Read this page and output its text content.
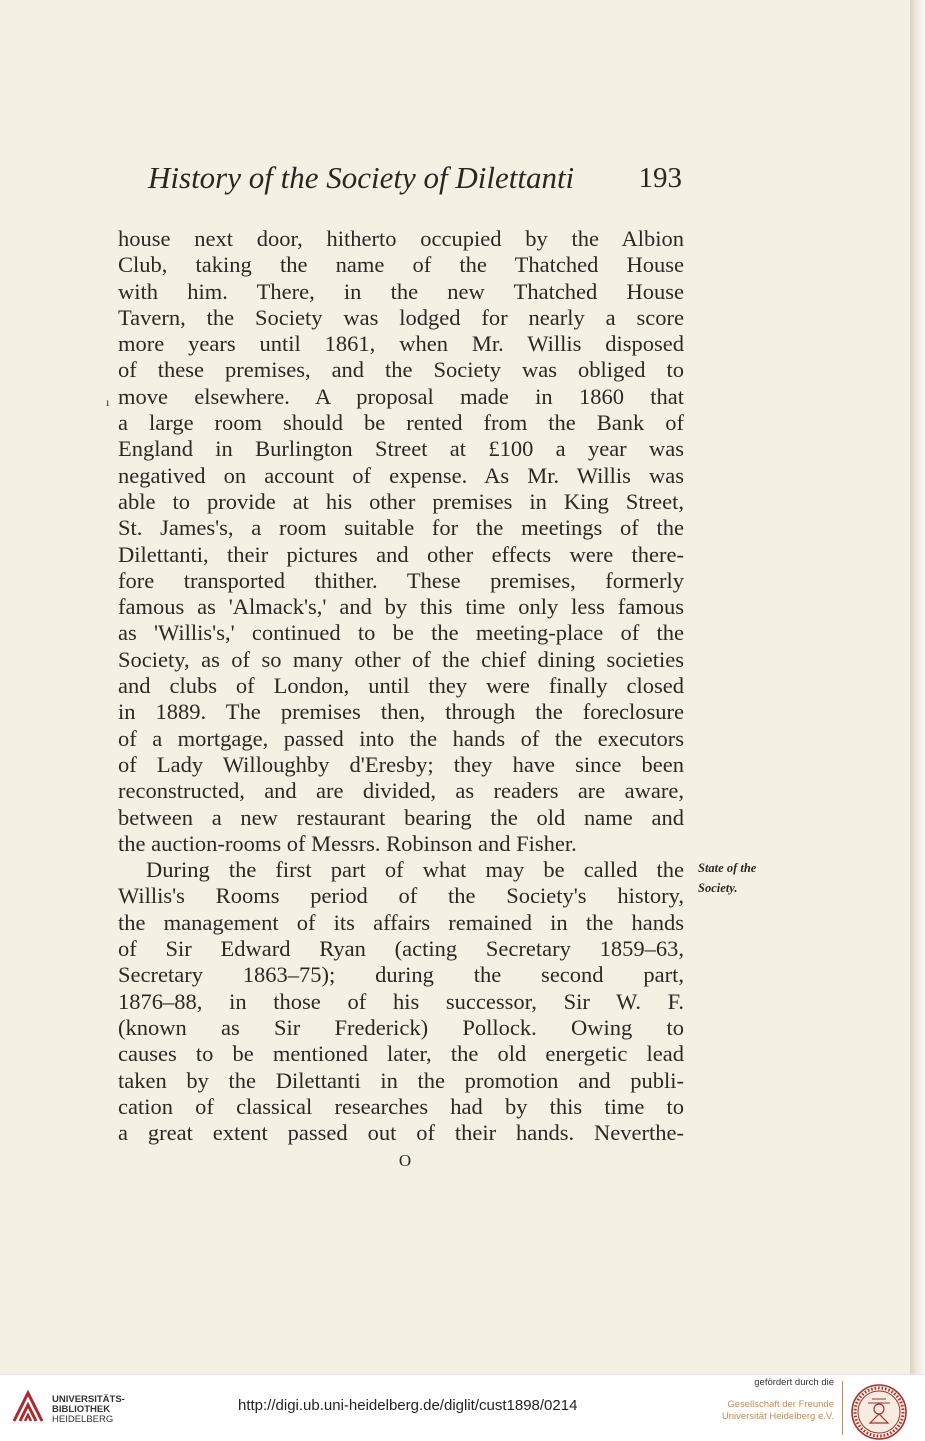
History of the Society of Dilettanti 193
ı
house next door, hitherto occupied by the Albion
Club, taking the name of the Thatched House
with him. There, in the new Thatched House
Tavern, the Society was lodged for nearly a score
more years until 1861, when Mr. Willis disposed
of these premises, and the Society was obliged to
move elsewhere. A proposal made in 1860 that
a large room should be rented from the Bank of
England in Burlington Street at £100 a year was
negatived on account of expense. As Mr. Willis was
able to provide at his other premises in King Street,
St. James's, a room suitable for the meetings of the
Dilettanti, their pictures and other effects were there-
fore transported thither. These premises, formerly
famous as 'Almack's,' and by this time only less famous
as 'Willis's,' continued to be the meeting-place of the
Society, as of so many other of the chief dining societies
and clubs of London, until they were finally closed
in 1889. The premises then, through the foreclosure
of a mortgage, passed into the hands of the executors
of Lady Willoughby d'Eresby; they have since been
reconstructed, and are divided, as readers are aware,
between a new restaurant bearing the old name and
the auction-rooms of Messrs. Robinson and Fisher.
During the first part of what may be called the
Willis's Rooms period of the Society's history,
the management of its affairs remained in the hands
of Sir Edward Ryan (acting Secretary 1859–63,
Secretary 1863–75); during the second part,
1876–88, in those of his successor, Sir W. F.
(known as Sir Frederick) Pollock. Owing to
causes to be mentioned later, the old energetic lead
taken by the Dilettanti in the promotion and publi-
cation of classical researches had by this time to
a great extent passed out of their hands. Neverthe-
State of the
Society.
O
UNIVERSITÄTS-
BIBLIOTHEK
HEIDELBERG
http://digi.ub.uni-heidelberg.de/diglit/cust1898/0214
gefördert durch die
Gesellschaft der Freunde
Universität Heidelberg e.V.
